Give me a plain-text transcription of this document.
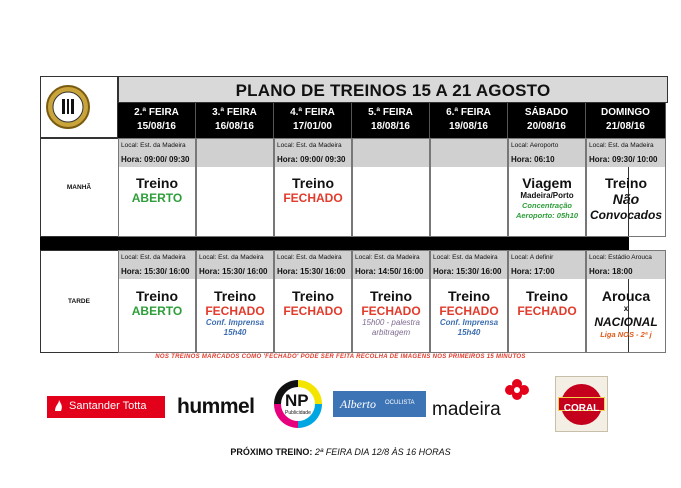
PLANO DE TREINOS 15 A 21 AGOSTO
2.ª FEIRA
15/08/16
3.ª FEIRA
16/08/16
4.ª FEIRA
17/01/00
5.ª FEIRA
18/08/16
6.ª FEIRA
19/08/16
SÁBADO
20/08/16
DOMINGO
21/08/16
MANHÃ
Local: Est. da Madeira
Hora: 09:00/ 09:30
Treino
ABERTO
Local: Est. da Madeira
Hora: 09:00/ 09:30
Treino
FECHADO
Local: Aeroporto
Hora: 06:10
Viagem
Madeira/Porto
Concentração
Aeroporto: 05h10
Local: Est. da Madeira
Hora: 09:30/ 10:00
Treino
Não
Convocados
TARDE
Local: Est. da Madeira
Hora: 15:30/ 16:00
Treino
ABERTO
Local: Est. da Madeira
Hora: 15:30/ 16:00
Treino
FECHADO
Conf. Imprensa
15h40
Local: Est. da Madeira
Hora: 15:30/ 16:00
Treino
FECHADO
Local: Est. da Madeira
Hora: 14:50/ 16:00
Treino
FECHADO
15h00 - palestra
arbitragem
Local: Est. da Madeira
Hora: 15:30/ 16:00
Treino
FECHADO
Conf. Imprensa
15h40
Local: A definir
Hora: 17:00
Treino
FECHADO
Local: Estádio Arouca
Hora: 18:00
Arouca
x
NACIONAL
Liga NOS - 2ª j
NOS TREINOS MARCADOS COMO 'FECHADO' PODE SER FEITA RECOLHA DE IMAGENS NOS PRIMEIROS 15 MINUTOS
Santander Totta hummel NP
Publicidade
Alberto OCULISTA madeira	CORAL
PRÓXIMO TREINO: 2ª FEIRA DIA 12/8 ÀS 16 HORAS
